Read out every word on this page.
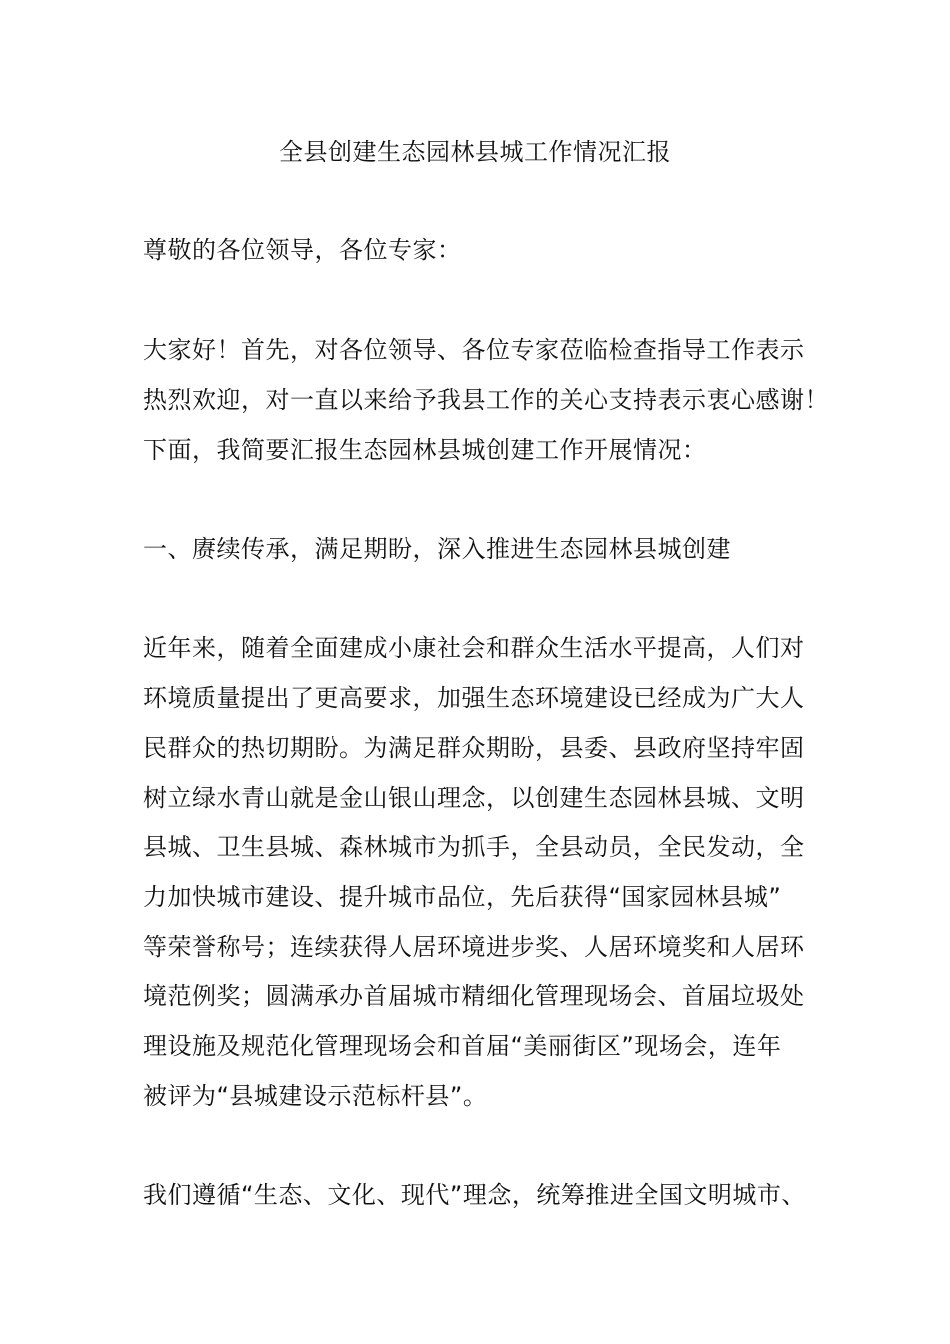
全县创建生态园林县城工作情况汇报

尊敬的各位领导，各位专家：

大家好！首先，对各位领导、各位专家莅临检查指导工作表示

热烈欢迎，对一直以来给予我县工作的关心支持表示衷心感谢！

下面，我简要汇报生态园林县城创建工作开展情况：

一、赓续传承，满足期盼，深入推进生态园林县城创建

近年来，随着全面建成小康社会和群众生活水平提高，人们对

环境质量提出了更高要求，加强生态环境建设已经成为广大人

民群众的热切期盼。为满足群众期盼，县委、县政府坚持牢固

树立绿水青山就是金山银山理念，以创建生态园林县城、文明

县城、卫生县城、森林城市为抓手，全县动员，全民发动，全

力加快城市建设、提升城市品位，先后获得“国家园林县城”

等荣誉称号；连续获得人居环境进步奖、人居环境奖和人居环

境范例奖；圆满承办首届城市精细化管理现场会、首届垃圾处

理设施及规范化管理现场会和首届“美丽街区”现场会，连年

被评为“县城建设示范标杆县”。

我们遵循“生态、文化、现代”理念，统筹推进全国文明城市、
